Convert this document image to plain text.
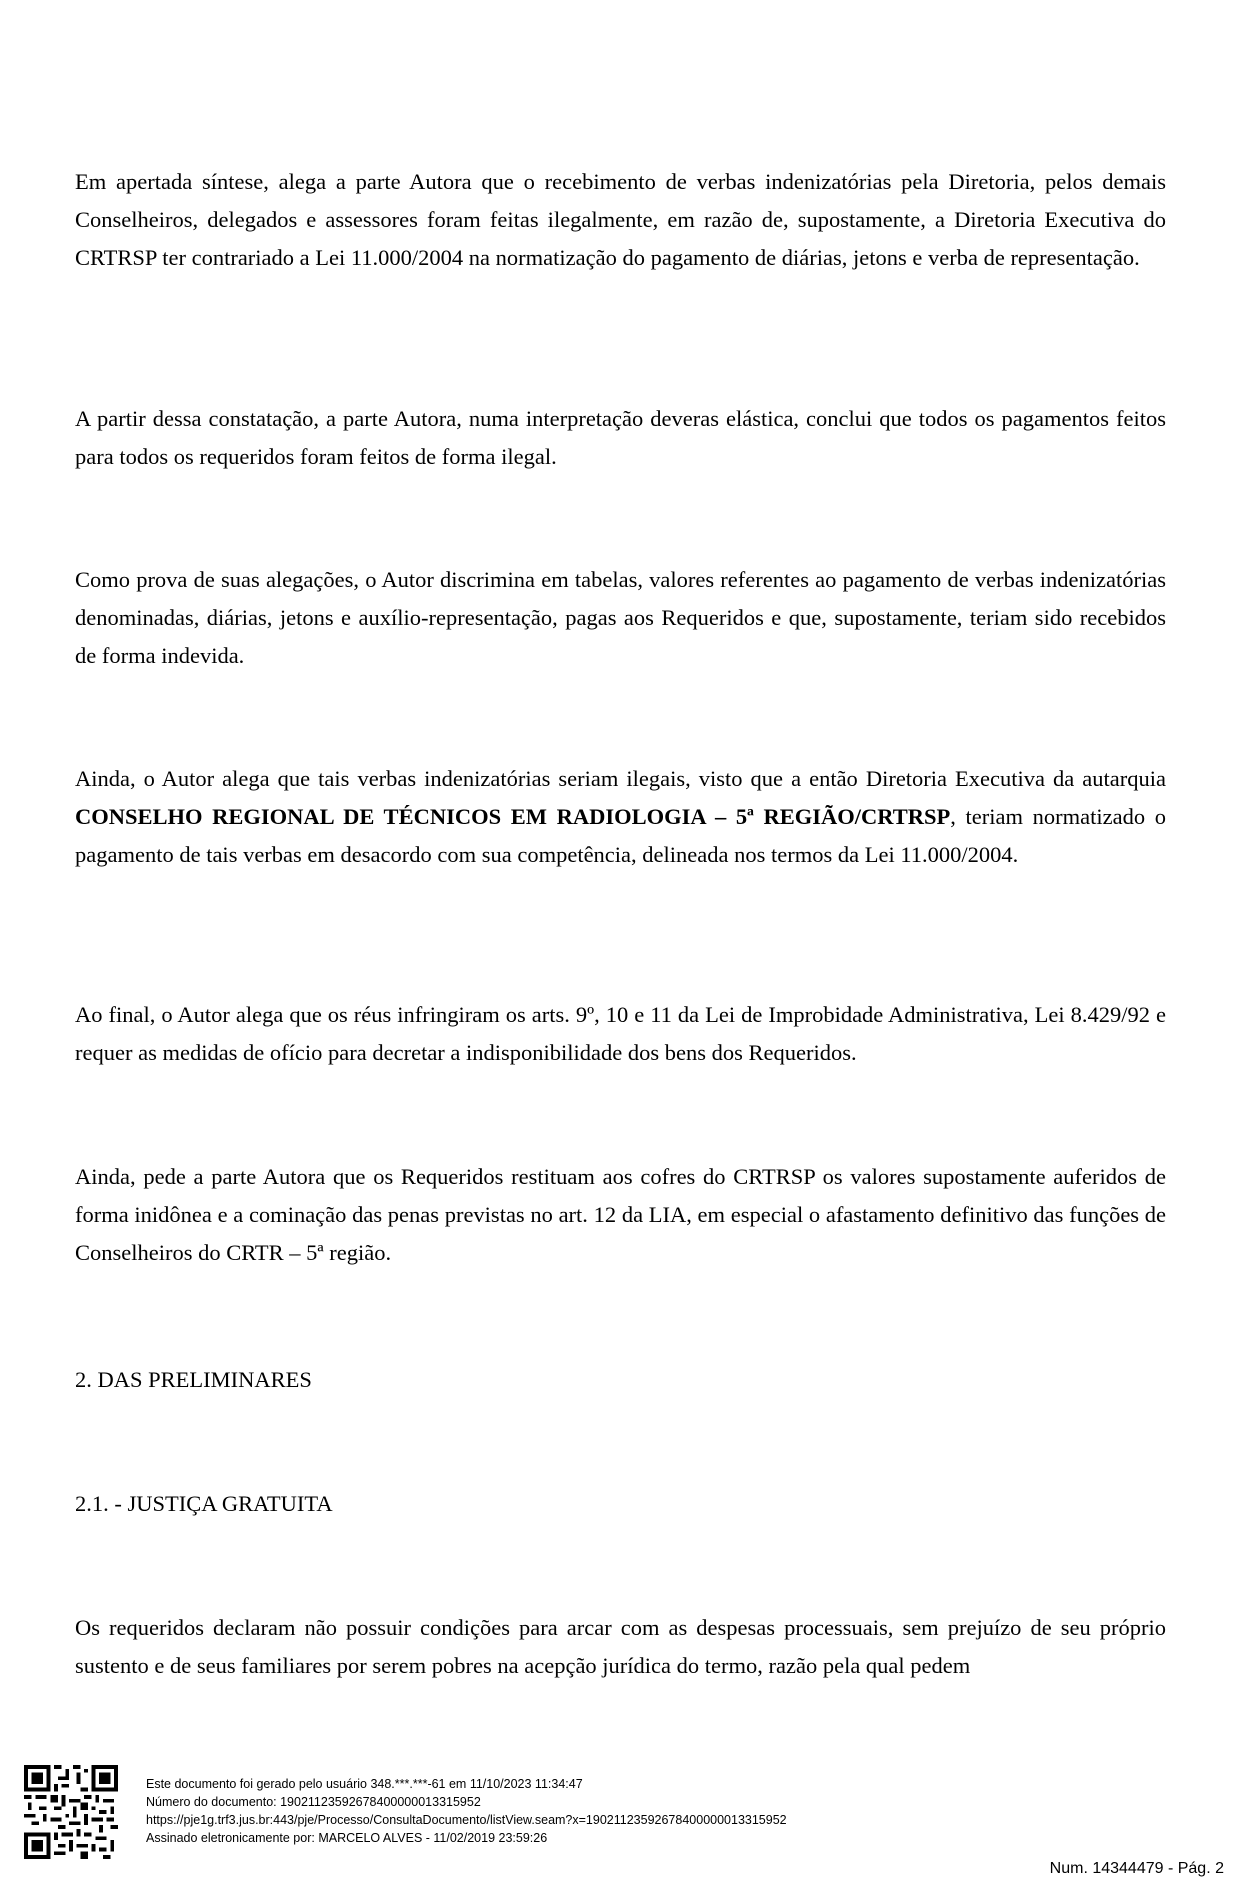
Em apertada síntese, alega a parte Autora que o recebimento de verbas indenizatórias pela Diretoria, pelos demais Conselheiros, delegados e assessores foram feitas ilegalmente, em razão de, supostamente, a Diretoria Executiva do CRTRSP ter contrariado a Lei 11.000/2004 na normatização do pagamento de diárias, jetons e verba de representação.

A partir dessa constatação, a parte Autora, numa interpretação deveras elástica, conclui que todos os pagamentos feitos para todos os requeridos foram feitos de forma ilegal.

Como prova de suas alegações, o Autor discrimina em tabelas, valores referentes ao pagamento de verbas indenizatórias denominadas, diárias, jetons e auxílio-representação, pagas aos Requeridos e que, supostamente, teriam sido recebidos de forma indevida.

Ainda, o Autor alega que tais verbas indenizatórias seriam ilegais, visto que a então Diretoria Executiva da autarquia CONSELHO REGIONAL DE TÉCNICOS EM RADIOLOGIA – 5ª REGIÃO/CRTRSP, teriam normatizado o pagamento de tais verbas em desacordo com sua competência, delineada nos termos da Lei 11.000/2004.

Ao final, o Autor alega que os réus infringiram os arts. 9º, 10 e 11 da Lei de Improbidade Administrativa, Lei 8.429/92 e requer as medidas de ofício para decretar a indisponibilidade dos bens dos Requeridos.

Ainda, pede a parte Autora que os Requeridos restituam aos cofres do CRTRSP os valores supostamente auferidos de forma inidônea e a cominação das penas previstas no art. 12 da LIA, em especial o afastamento definitivo das funções de Conselheiros do CRTR – 5ª região.

2. DAS PRELIMINARES
2.1. - JUSTIÇA GRATUITA

Os requeridos declaram não possuir condições para arcar com as despesas processuais, sem prejuízo de seu próprio sustento e de seus familiares por serem pobres na acepção jurídica do termo, razão pela qual pedem

Este documento foi gerado pelo usuário 348.***.***-61 em 11/10/2023 11:34:47
Número do documento: 19021123592678400000013315952
https://pje1g.trf3.jus.br:443/pje/Processo/ConsultaDocumento/listView.seam?x=19021123592678400000013315952
Assinado eletronicamente por: MARCELO ALVES - 11/02/2019 23:59:26
Num. 14344479 - Pág. 2
